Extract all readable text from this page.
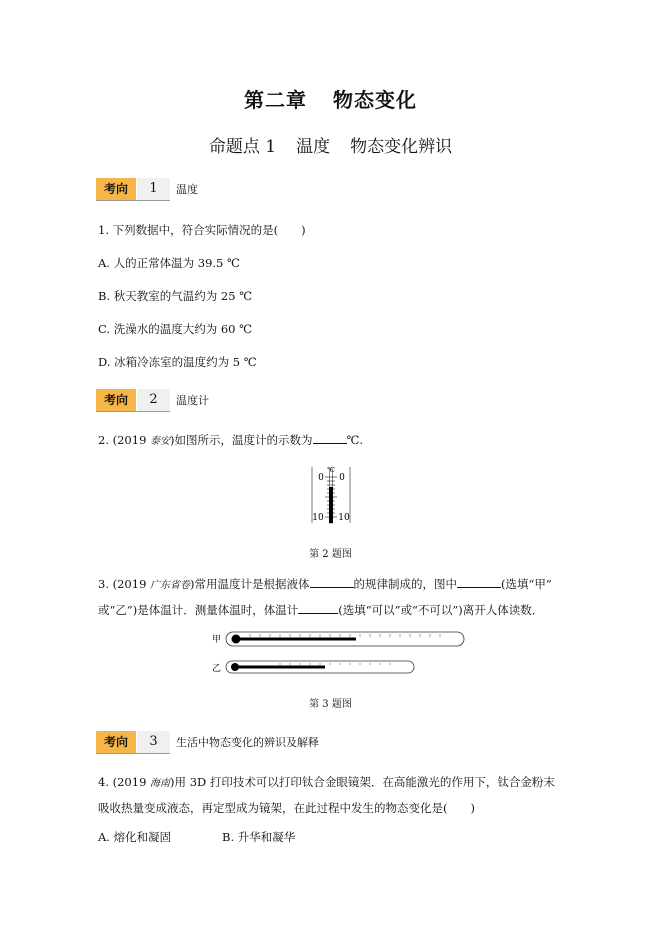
第二章 物态变化
命题点 1 温度 物态变化辨识
考向	1	温度
1. 下列数据中，符合实际情况的是(　　)
A. 人的正常体温为 39.5 ℃
B. 秋天教室的气温约为 25 ℃
C. 洗澡水的温度大约为 60 ℃
D. 冰箱冷冻室的温度约为 5 ℃
考向	2	温度计
2. (2019 泰安)如图所示，温度计的示数为	℃.
℃
0 0
10 10
第 2 题图
3. (2019 广东省卷)常用温度计是根据液体	的规律制成的，图中	(选填“甲”
或“乙”)是体温计．测量体温时，体温计	(选填“可以”或“不可以”)离开人体读数．
甲
乙
第 3 题图
考向	3	生活中物态变化的辨识及解释
4. (2019 海南)用 3D 打印技术可以打印钛合金眼镜架．在高能激光的作用下，钛合金粉末吸收热量变成液态，再定型成为镜架，在此过程中发生的物态变化是(　　)
A. 熔化和凝固	B. 升华和凝华
